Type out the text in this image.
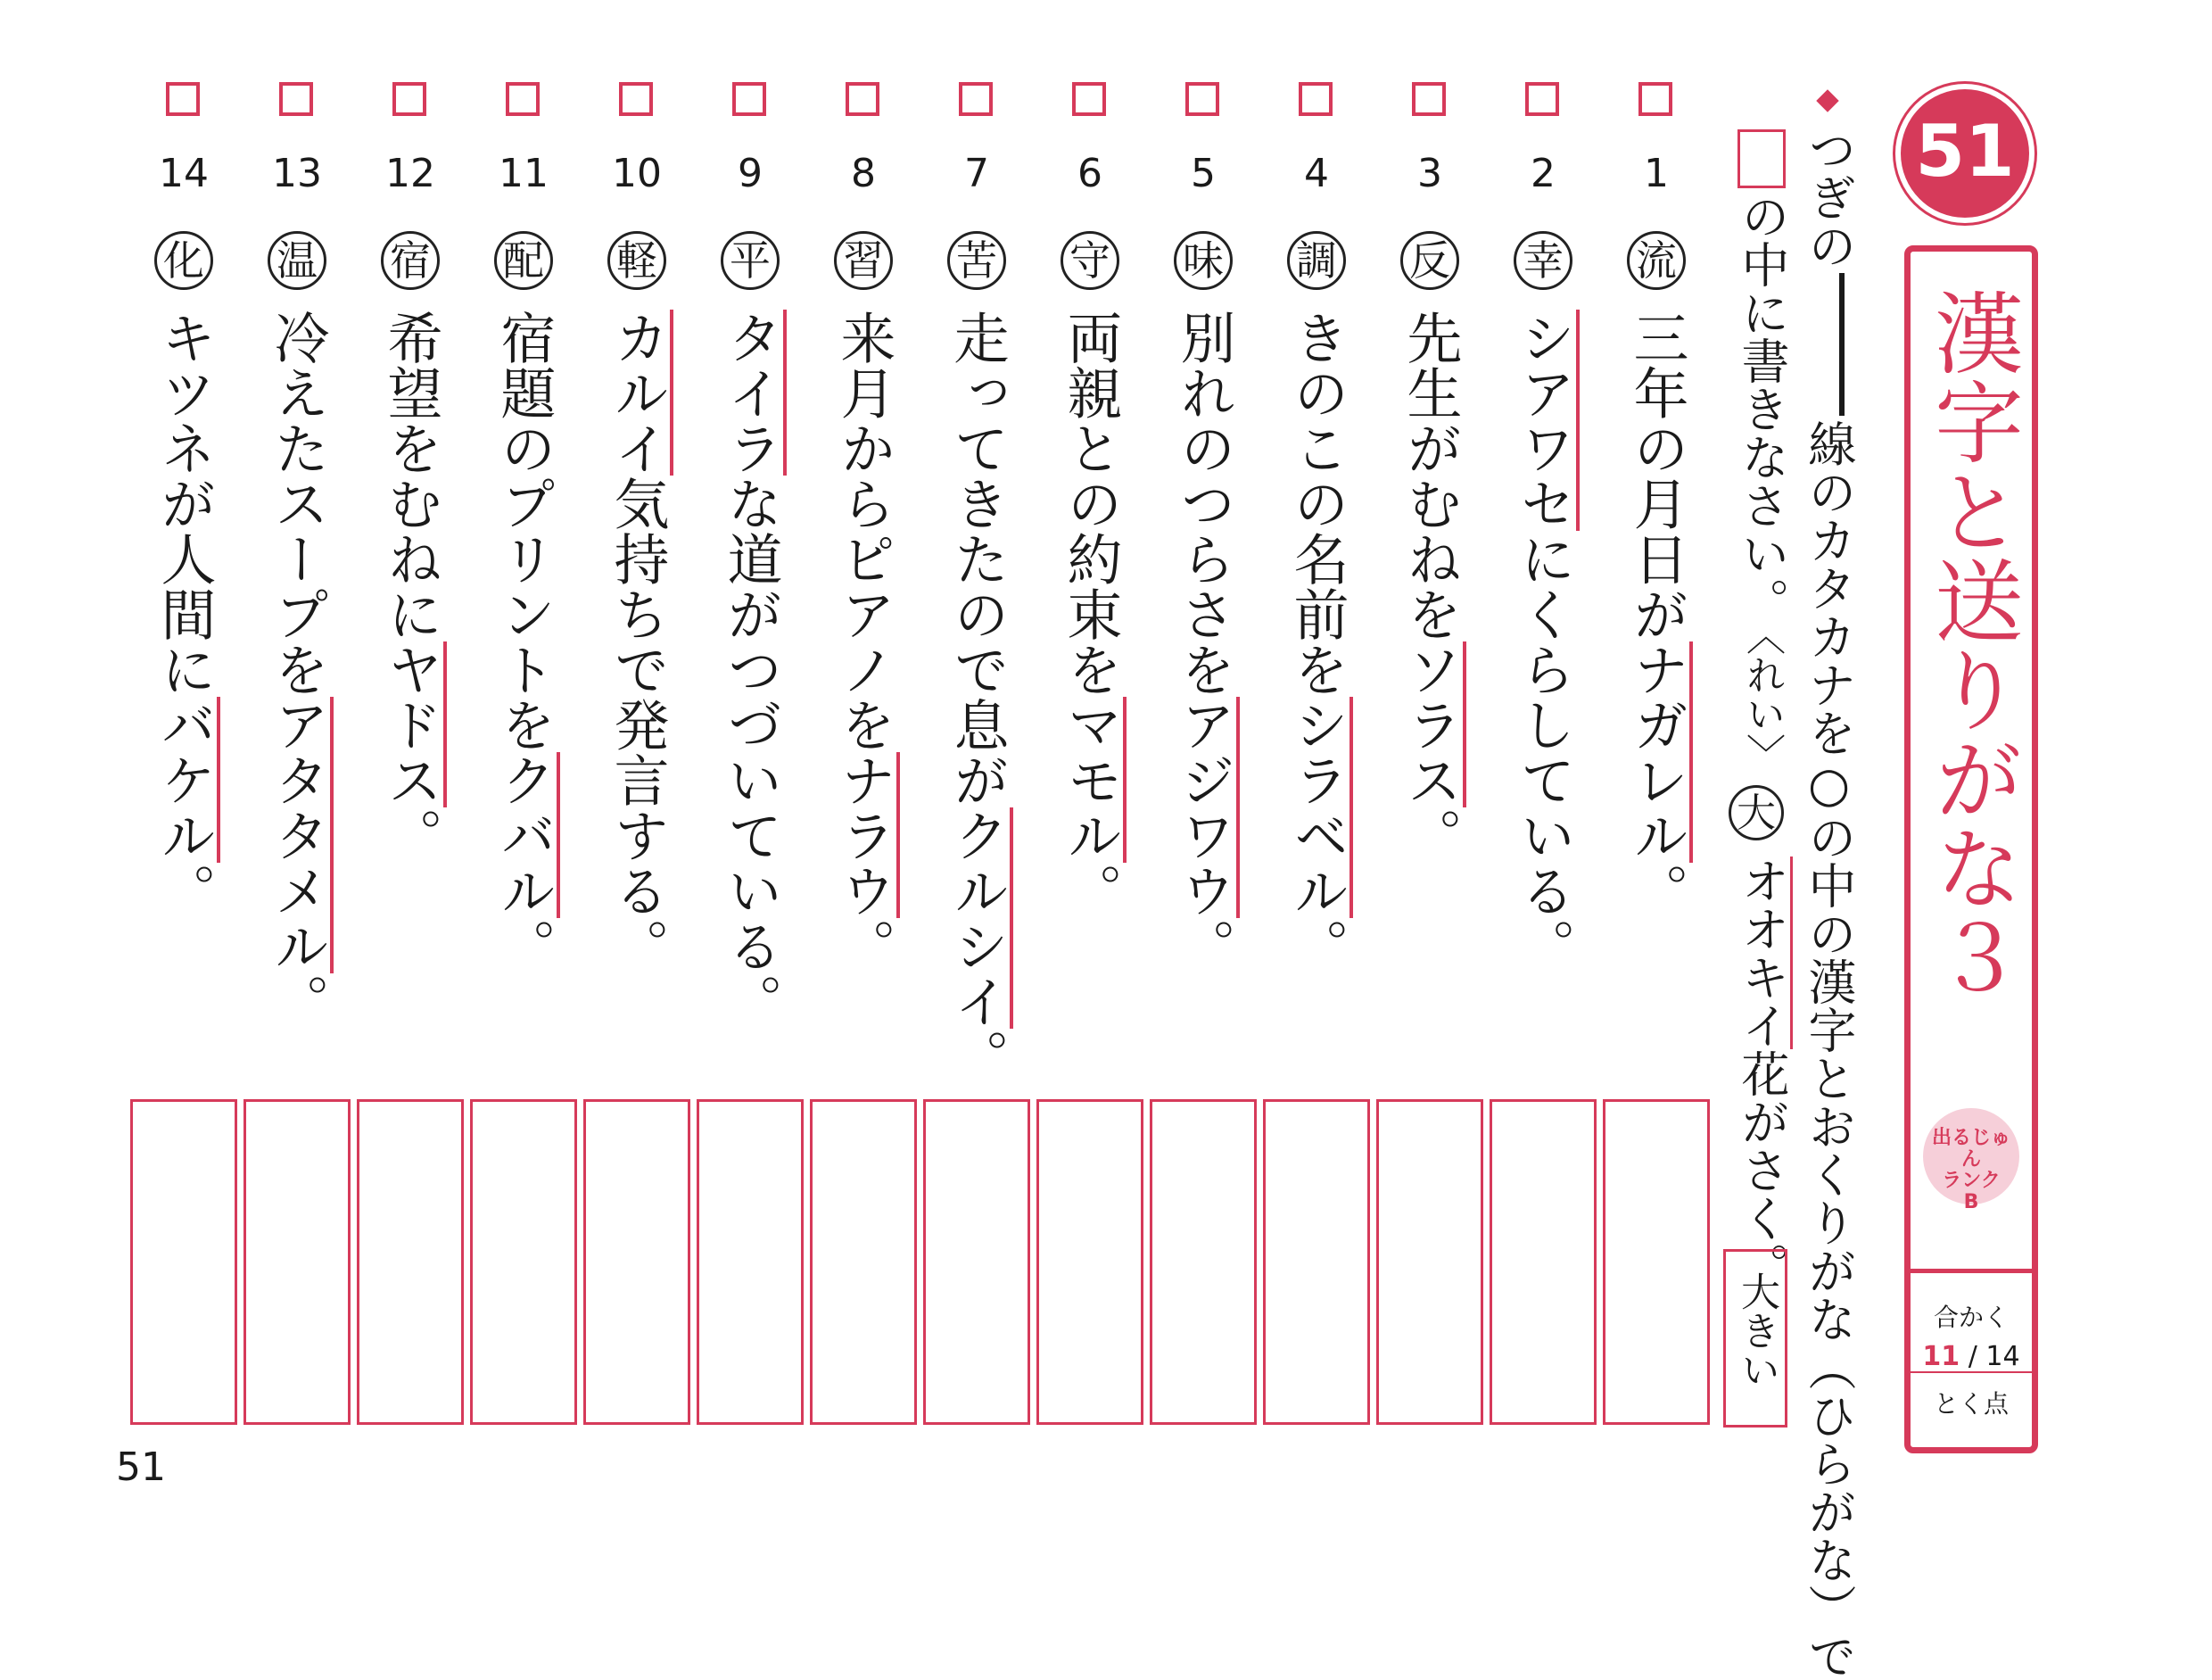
51
漢字と送りがな３
出るじゅん
ランク
B
合かく
11 / 14
とく点
つぎの線のカタカナを○の中の漢字とおくりがな（ひらがな）で
の中に書きなさい。
〈れい〉
大
オオキイ花がさく。
大きい
1
流
三年の月日がナガレル。
2
幸
シアワセにくらしている。
3
反
先生がむねをソラス。
4
調
きのこの名前をシラベル。
5
味
別れのつらさをアジワウ。
6
守
両親との約束をマモル。
7
苦
走ってきたので息がクルシイ。
8
習
来月からピアノをナラウ。
9
平
タイラな道がつづいている。
10
軽
カルイ気持ちで発言する。
11
配
宿題のプリントをクバル。
12
宿
希望をむねにヤドス。
13
温
冷えたスープをアタタメル。
14
化
キツネが人間にバケル。
51
